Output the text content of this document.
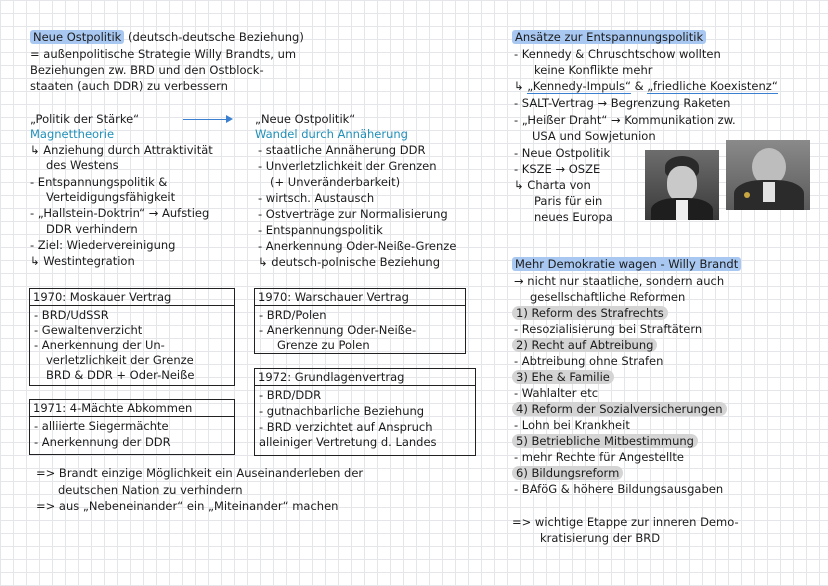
Neue Ostpolitik (deutsch-deutsche Beziehung)
= außenpolitische Strategie Willy Brandts, um
Beziehungen zw. BRD und den Ostblock-
staaten (auch DDR) zu verbessern
„Politik der Stärke“
Magnettheorie
↳ Anziehung durch Attraktivität
des Westens
- Entspannungspolitik &
Verteidigungsfähigkeit
- „Hallstein-Doktrin“ → Aufstieg
DDR verhindern
- Ziel: Wiedervereinigung
↳ Westintegration
„Neue Ostpolitik“
Wandel durch Annäherung
- staatliche Annäherung DDR
- Unverletzlichkeit der Grenzen
(+ Unveränderbarkeit)
- wirtsch. Austausch
- Ostverträge zur Normalisierung
- Entspannungspolitik
- Anerkennung Oder-Neiße-Grenze
↳ deutsch-polnische Beziehung
1970: Moskauer Vertrag
- BRD/UdSSR
- Gewaltenverzicht
- Anerkennung der Un-
verletzlichkeit der Grenze
BRD & DDR + Oder-Neiße
1970: Warschauer Vertrag
- BRD/Polen
- Anerkennung Oder-Neiße-
Grenze zu Polen
1971: 4-Mächte Abkommen
- alliierte Siegermächte
- Anerkennung der DDR
1972: Grundlagenvertrag
- BRD/DDR
- gutnachbarliche Beziehung
- BRD verzichtet auf Anspruch
alleiniger Vertretung d. Landes
=> Brandt einzige Möglichkeit ein Auseinanderleben der
deutschen Nation zu verhindern
=> aus „Nebeneinander“ ein „Miteinander“ machen
Ansätze zur Entspannungspolitik
- Kennedy & Chruschtschow wollten
keine Konflikte mehr
↳ „Kennedy-Impuls“ & „friedliche Koexistenz“
- SALT-Vertrag → Begrenzung Raketen
- „Heißer Draht“ → Kommunikation zw.
USA und Sowjetunion
- Neue Ostpolitik
- KSZE → OSZE
↳ Charta von
Paris für ein
neues Europa
Mehr Demokratie wagen - Willy Brandt
→ nicht nur staatliche, sondern auch
gesellschaftliche Reformen
1) Reform des Strafrechts
- Resozialisierung bei Straftätern
2) Recht auf Abtreibung
- Abtreibung ohne Strafen
3) Ehe & Familie
- Wahlalter etc
4) Reform der Sozialversicherungen
- Lohn bei Krankheit
5) Betriebliche Mitbestimmung
- mehr Rechte für Angestellte
6) Bildungsreform
- BAföG & höhere Bildungsausgaben
=> wichtige Etappe zur inneren Demo-
kratisierung der BRD
